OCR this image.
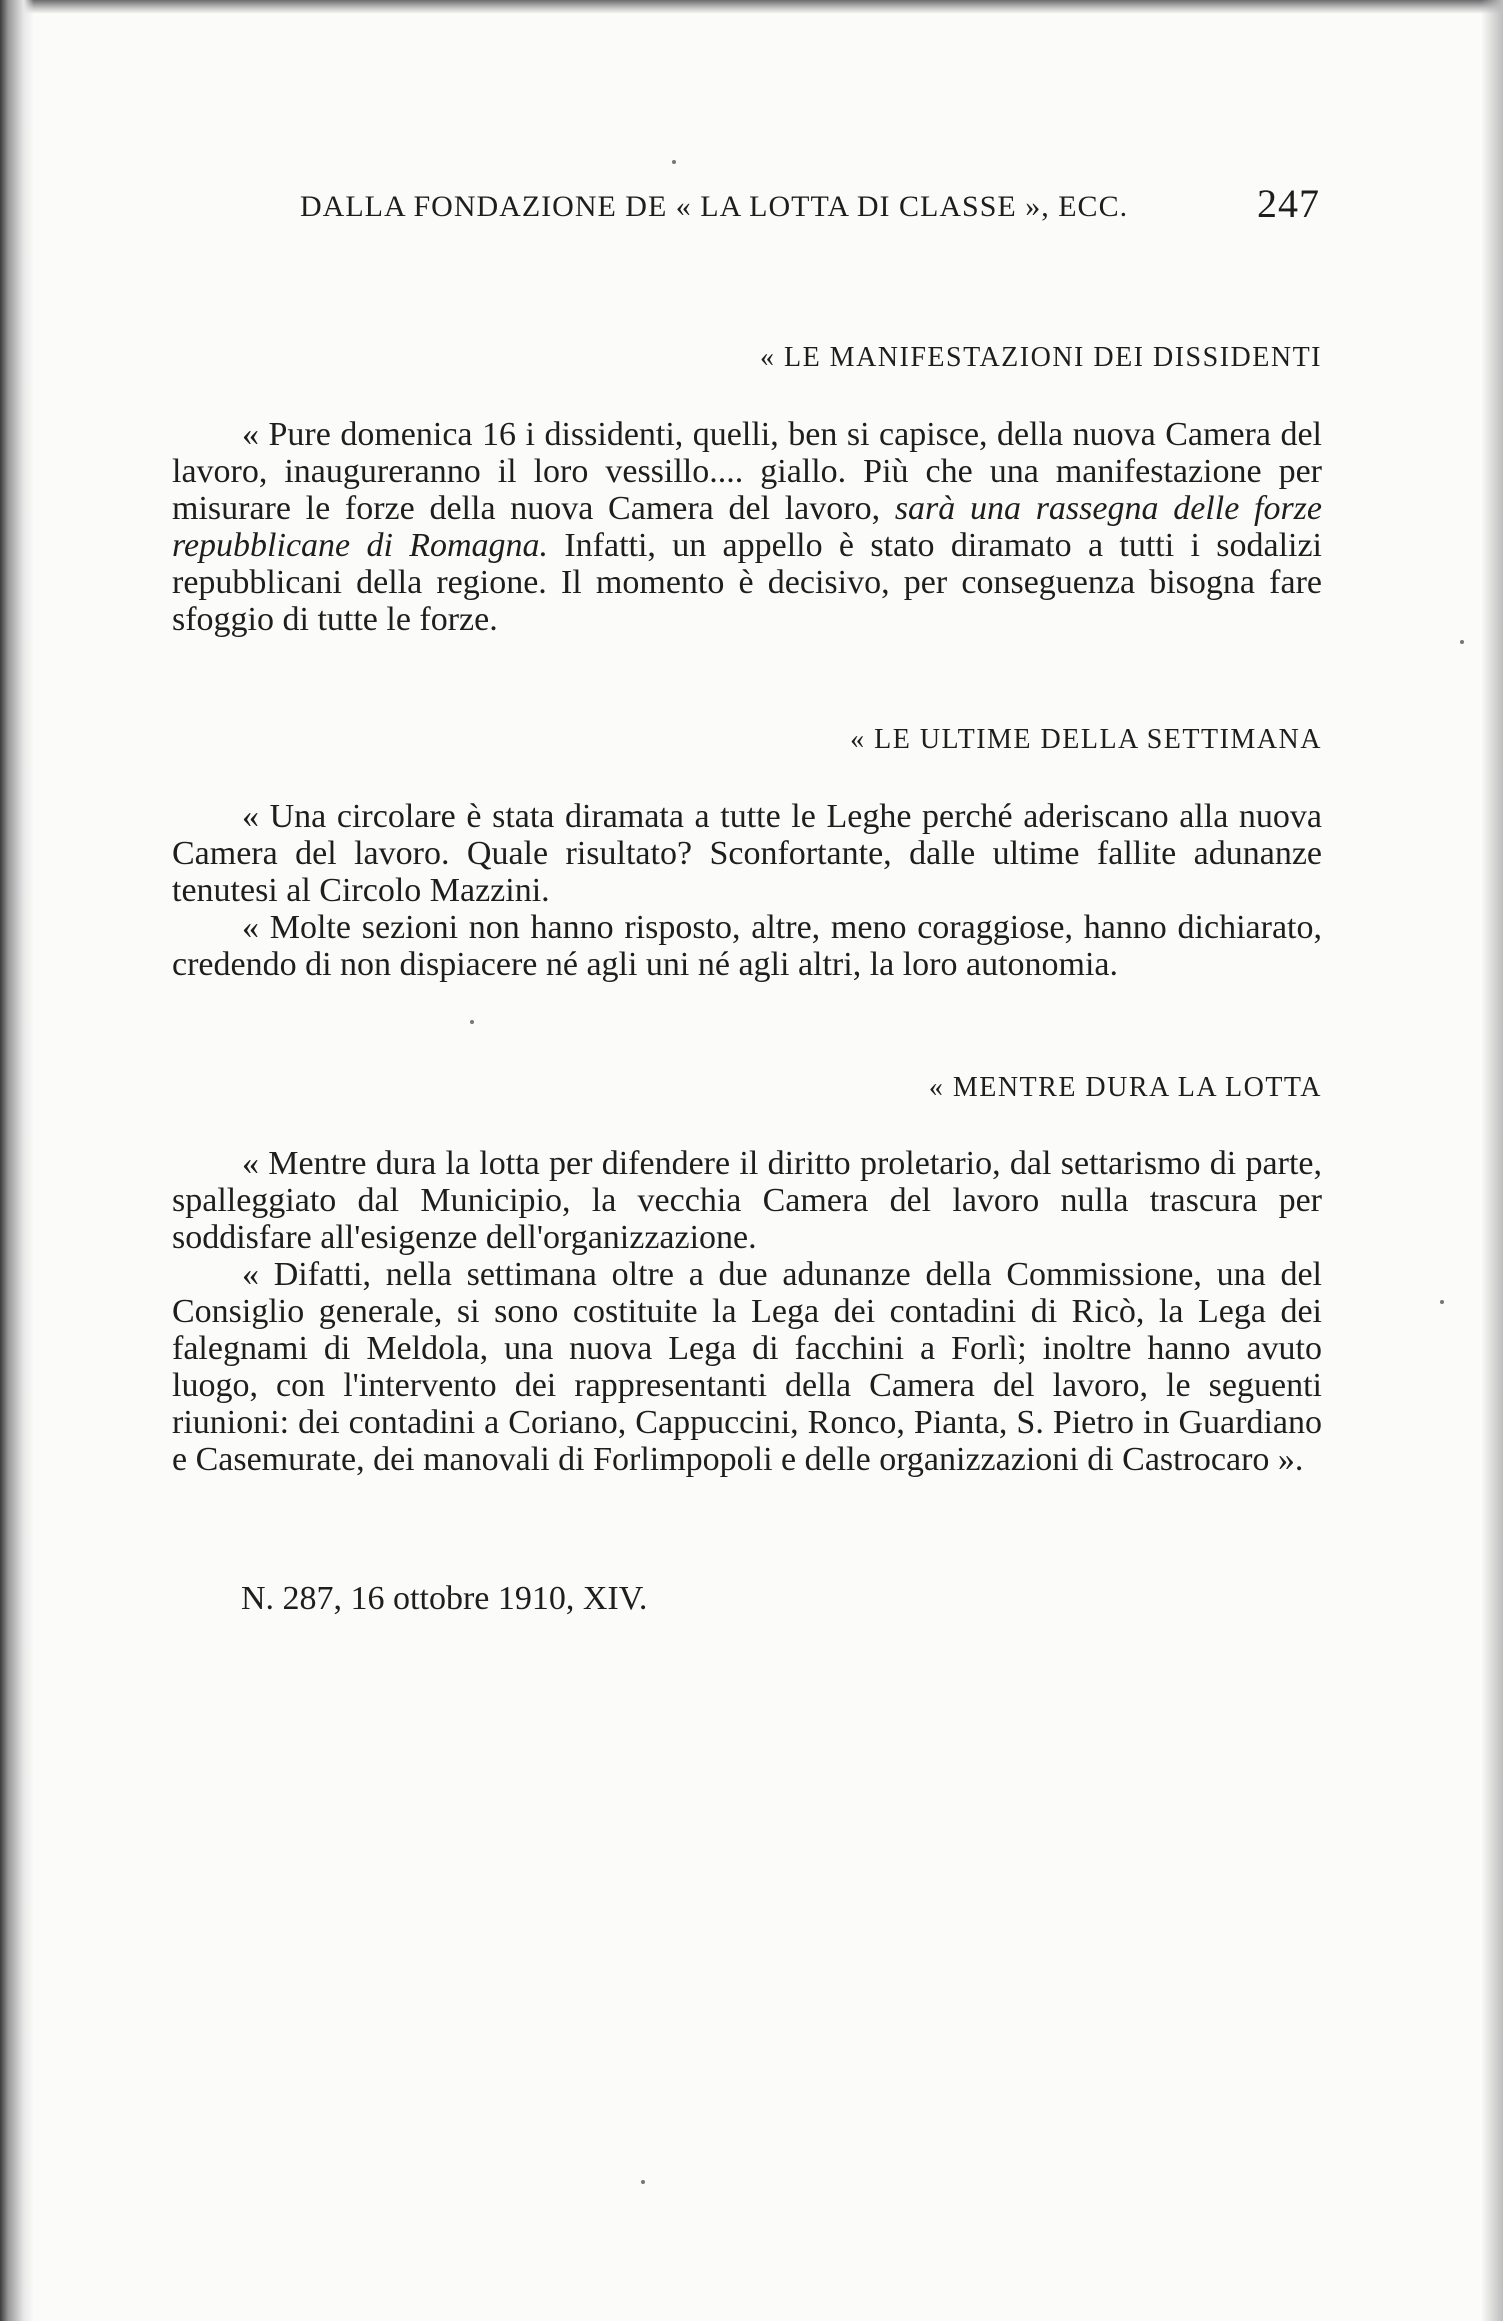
DALLA FONDAZIONE DE « LA LOTTA DI CLASSE », ECC.	247
« LE MANIFESTAZIONI DEI DISSIDENTI

« Pure domenica 16 i dissidenti, quelli, ben si capisce, della nuova Camera del lavoro, inaugureranno il loro vessillo.... giallo. Più che una manifestazione per misurare le forze della nuova Camera del lavoro, sarà una rassegna delle forze repubblicane di Romagna. Infatti, un appello è stato diramato a tutti i sodalizi repubblicani della regione. Il momento è decisivo, per conseguenza bisogna fare sfoggio di tutte le forze.

« LE ULTIME DELLA SETTIMANA

« Una circolare è stata diramata a tutte le Leghe perché aderiscano alla nuova Camera del lavoro. Quale risultato? Sconfortante, dalle ultime fallite adunanze tenutesi al Circolo Mazzini.

« Molte sezioni non hanno risposto, altre, meno coraggiose, hanno dichiarato, credendo di non dispiacere né agli uni né agli altri, la loro autonomia.

« MENTRE DURA LA LOTTA

« Mentre dura la lotta per difendere il diritto proletario, dal settarismo di parte, spalleggiato dal Municipio, la vecchia Camera del lavoro nulla trascura per soddisfare all'esigenze dell'organizzazione.

« Difatti, nella settimana oltre a due adunanze della Commissione, una del Consiglio generale, si sono costituite la Lega dei contadini di Ricò, la Lega dei falegnami di Meldola, una nuova Lega di facchini a Forlì; inoltre hanno avuto luogo, con l'intervento dei rappresentanti della Camera del lavoro, le seguenti riunioni: dei contadini a Coriano, Cappuccini, Ronco, Pianta, S. Pietro in Guardiano e Casemurate, dei manovali di Forlimpopoli e delle organizzazioni di Castrocaro ».

N. 287, 16 ottobre 1910, XIV.
